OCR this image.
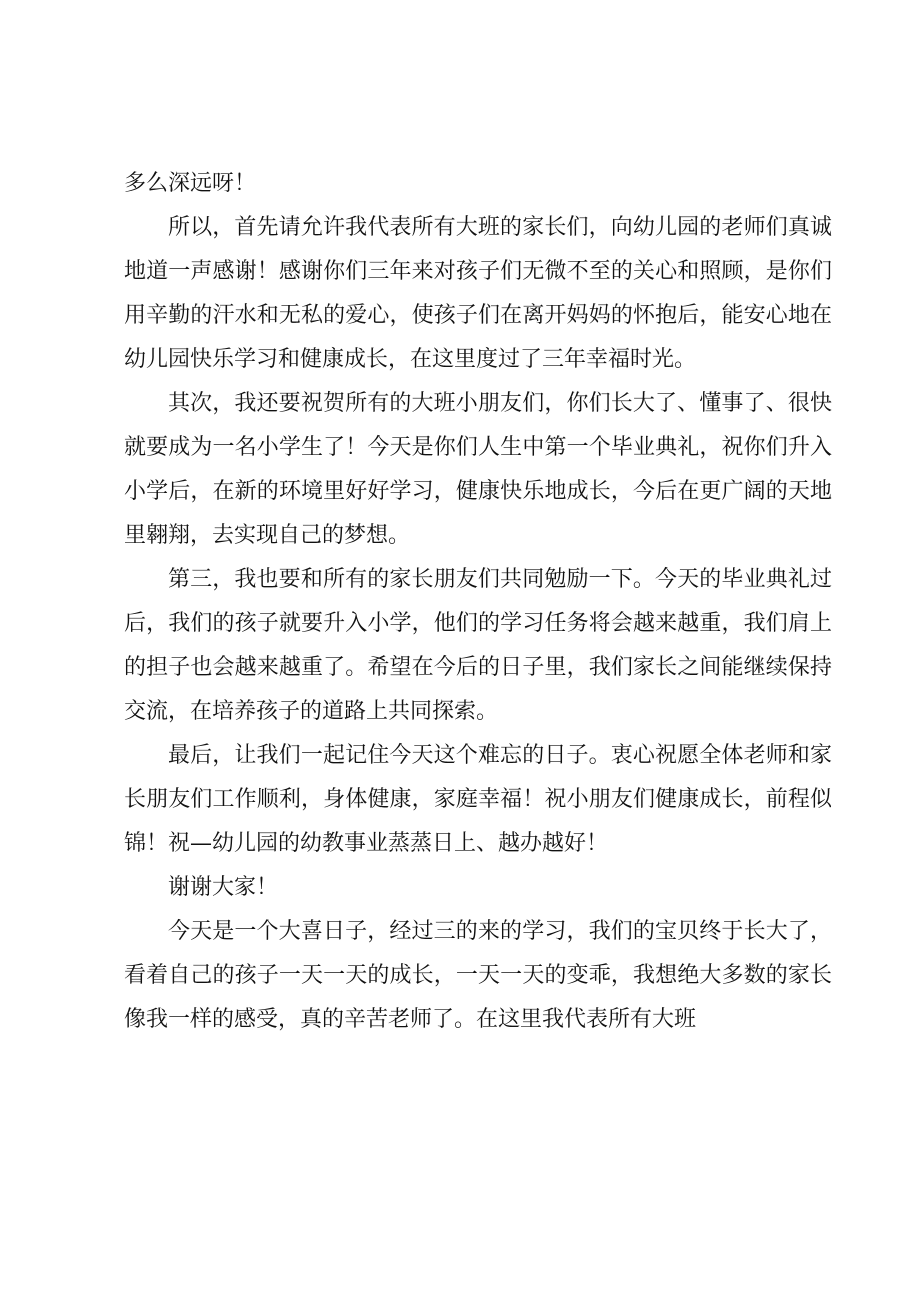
多么深远呀！

所以，首先请允许我代表所有大班的家长们，向幼儿园的老师们真诚地道一声感谢！感谢你们三年来对孩子们无微不至的关心和照顾，是你们用辛勤的汗水和无私的爱心，使孩子们在离开妈妈的怀抱后，能安心地在幼儿园快乐学习和健康成长，在这里度过了三年幸福时光。

其次，我还要祝贺所有的大班小朋友们，你们长大了、懂事了、很快就要成为一名小学生了！今天是你们人生中第一个毕业典礼，祝你们升入小学后，在新的环境里好好学习，健康快乐地成长，今后在更广阔的天地里翱翔，去实现自己的梦想。

第三，我也要和所有的家长朋友们共同勉励一下。今天的毕业典礼过后，我们的孩子就要升入小学，他们的学习任务将会越来越重，我们肩上的担子也会越来越重了。希望在今后的日子里，我们家长之间能继续保持交流，在培养孩子的道路上共同探索。

最后，让我们一起记住今天这个难忘的日子。衷心祝愿全体老师和家长朋友们工作顺利，身体健康，家庭幸福！祝小朋友们健康成长，前程似锦！祝—幼儿园的幼教事业蒸蒸日上、越办越好！

谢谢大家！

今天是一个大喜日子，经过三的来的学习，我们的宝贝终于长大了，看着自己的孩子一天一天的成长，一天一天的变乖，我想绝大多数的家长像我一样的感受，真的辛苦老师了。在这里我代表所有大班
